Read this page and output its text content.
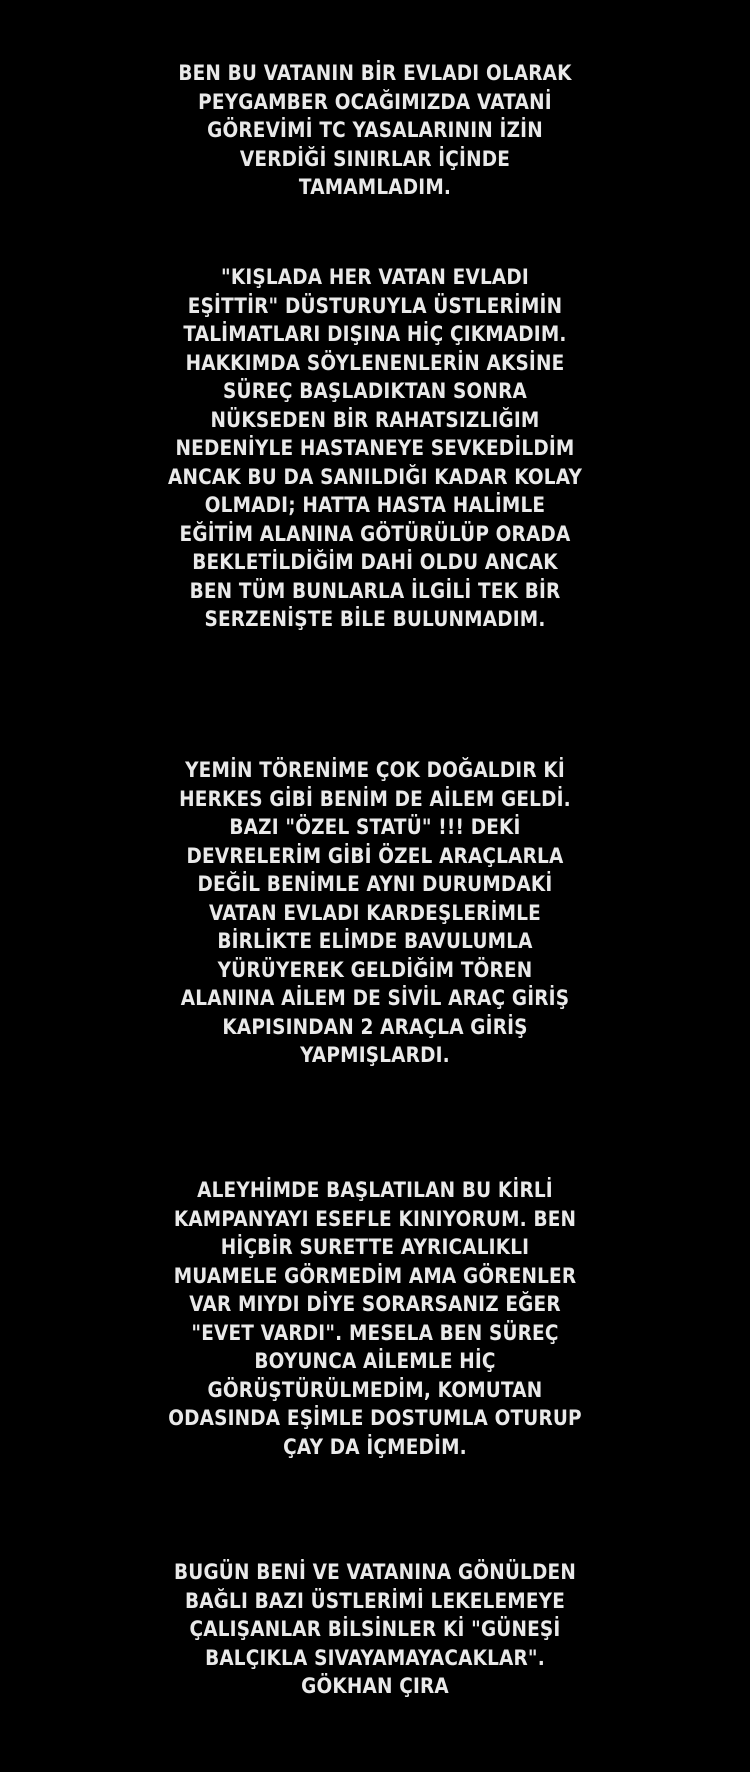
BEN BU VATANIN BİR EVLADI OLARAK
PEYGAMBER OCAĞIMIZDA VATANİ
GÖREVİMİ TC YASALARININ İZİN
VERDİĞİ SINIRLAR İÇİNDE
TAMAMLADIM.
"KIŞLADA HER VATAN EVLADI
EŞİTTİR" DÜSTURUYLA ÜSTLERİMİN
TALİMATLARI DIŞINA HİÇ ÇIKMADIM.
HAKKIMDA SÖYLENENLERİN AKSİNE
SÜREÇ BAŞLADIKTAN SONRA
NÜKSEDEN BİR RAHATSIZLIĞIM
NEDENİYLE HASTANEYE SEVKEDİLDİM
ANCAK BU DA SANILDIĞI KADAR KOLAY
OLMADI; HATTA HASTA HALİMLE
EĞİTİM ALANINA GÖTÜRÜLÜP ORADA
BEKLETİLDİĞİM DAHİ OLDU ANCAK
BEN TÜM BUNLARLA İLGİLİ TEK BİR
SERZENİŞTE BİLE BULUNMADIM.
YEMİN TÖRENİME ÇOK DOĞALDIR Kİ
HERKES GİBİ BENİM DE AİLEM GELDİ.
BAZI "ÖZEL STATÜ" !!! DEKİ
DEVRELERİM GİBİ ÖZEL ARAÇLARLA
DEĞİL BENİMLE AYNI DURUMDAKİ
VATAN EVLADI KARDEŞLERİMLE
BİRLİKTE ELİMDE BAVULUMLA
YÜRÜYEREK GELDİĞİM TÖREN
ALANINA AİLEM DE SİVİL ARAÇ GİRİŞ
KAPISINDAN 2 ARAÇLA GİRİŞ
YAPMIŞLARDI.
ALEYHİMDE BAŞLATILAN BU KİRLİ
KAMPANYAYI ESEFLE KINIYORUM. BEN
HİÇBİR SURETTE AYRICALIKLI
MUAMELE GÖRMEDİM AMA GÖRENLER
VAR MIYDI DİYE SORARSANIZ EĞER
"EVET VARDI". MESELA BEN SÜREÇ
BOYUNCA AİLEMLE HİÇ
GÖRÜŞTÜRÜLMEDİM, KOMUTAN
ODASINDA EŞİMLE DOSTUMLA OTURUP
ÇAY DA İÇMEDİM.
BUGÜN BENİ VE VATANINA GÖNÜLDEN
BAĞLI BAZI ÜSTLERİMİ LEKELEMEYE
ÇALIŞANLAR BİLSİNLER Kİ "GÜNEŞİ
BALÇIKLA SIVAYAMAYACAKLAR".
GÖKHAN ÇIRA
